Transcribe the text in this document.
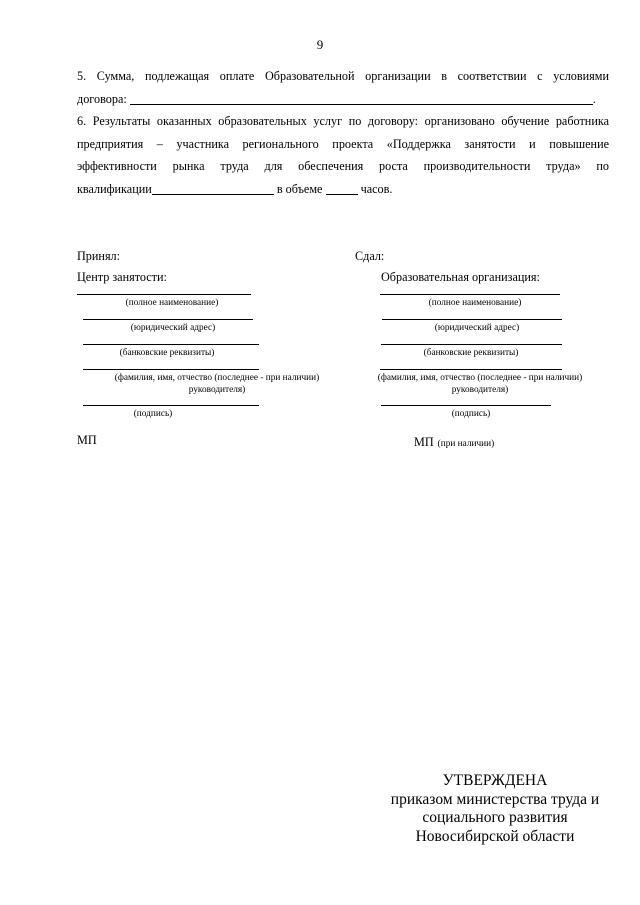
9
5. Сумма, подлежащая оплате Образовательной организации в соответствии с условиями
договора:	.
6. Результаты оказанных образовательных услуг по договору: организовано обучение работника
предприятия – участника регионального проекта «Поддержка занятости и повышение
эффективности рынка труда для обеспечения роста производительности труда» по
квалификации	в объеме	часов.
Принял:
Центр занятости:
(полное наименование)
(юридический адрес)
(банковские реквизиты)
(фамилия, имя, отчество (последнее - при наличии)
руководителя)
(подпись)
МП
Сдал:
Образовательная организация:
(полное наименование)
(юридический адрес)
(банковские реквизиты)
(фамилия, имя, отчество (последнее - при наличии)
руководителя)
(подпись)
МП (при наличии)
УТВЕРЖДЕНА
приказом министерства труда и
социального развития
Новосибирской области
